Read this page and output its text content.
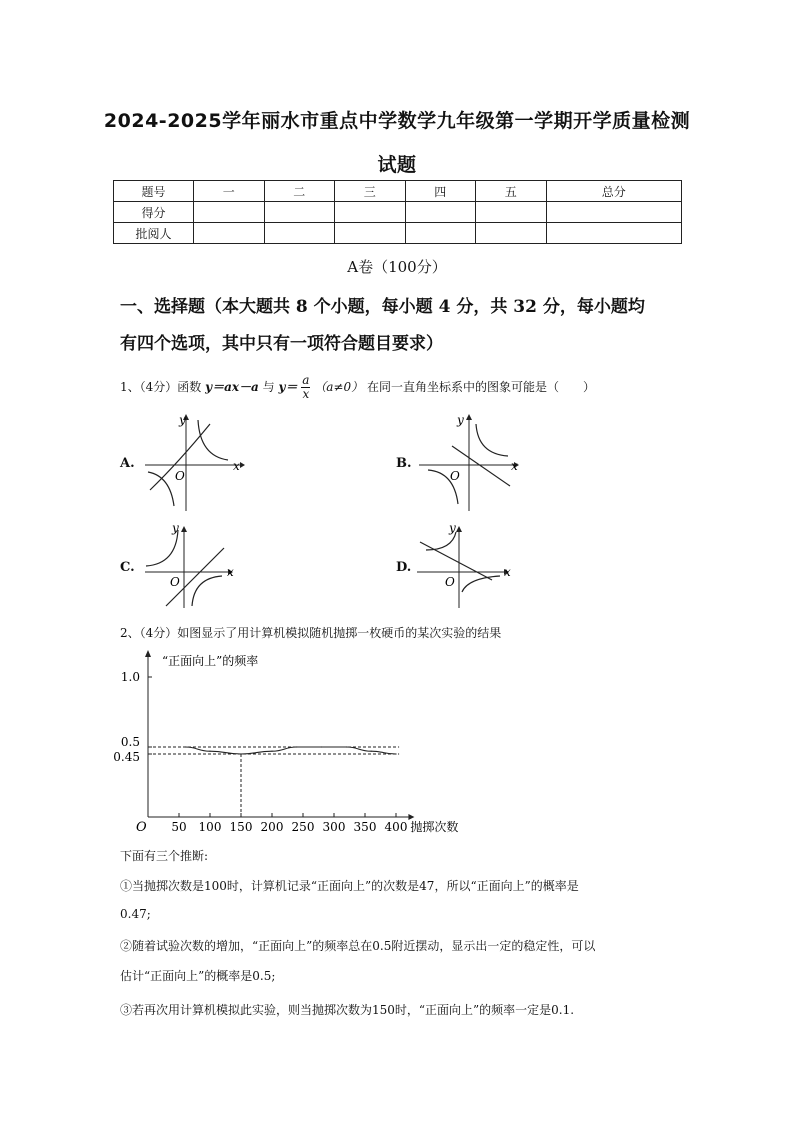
2024-2025学年丽水市重点中学数学九年级第一学期开学质量检测
试题
题号	一	二	三	四	五	总分
得分						
批阅人						
A卷（100分）
一、选择题（本大题共 8 个小题，每小题 4 分，共 32 分，每小题均
有四个选项，其中只有一项符合题目要求）
1、（4分）函数 y＝ax－a 与 $y= \frac{a}{x} (a\ne 0)$ 在同一直角坐标系中的图象可能是（　　）
A.	B.
C.	D.
x
y
O
x
y
O
x
y
O
x
y
O
2、（4分）如图显示了用计算机模拟随机抛掷一枚硬币的某次实验的结果
50 100 150 200 250 300 350 400
0.45
0.5
1.0
“正面向上”的频率
抛掷次数
O
下面有三个推断:
①当抛掷次数是100时，计算机记录“正面向上”的次数是47，所以“正面向上”的概率是
0.47;
②随着试验次数的增加，“正面向上”的频率总在0.5附近摆动，显示出一定的稳定性，可以
估计“正面向上”的概率是0.5;
③若再次用计算机模拟此实验，则当抛掷次数为150时，“正面向上”的频率一定是0.1.
